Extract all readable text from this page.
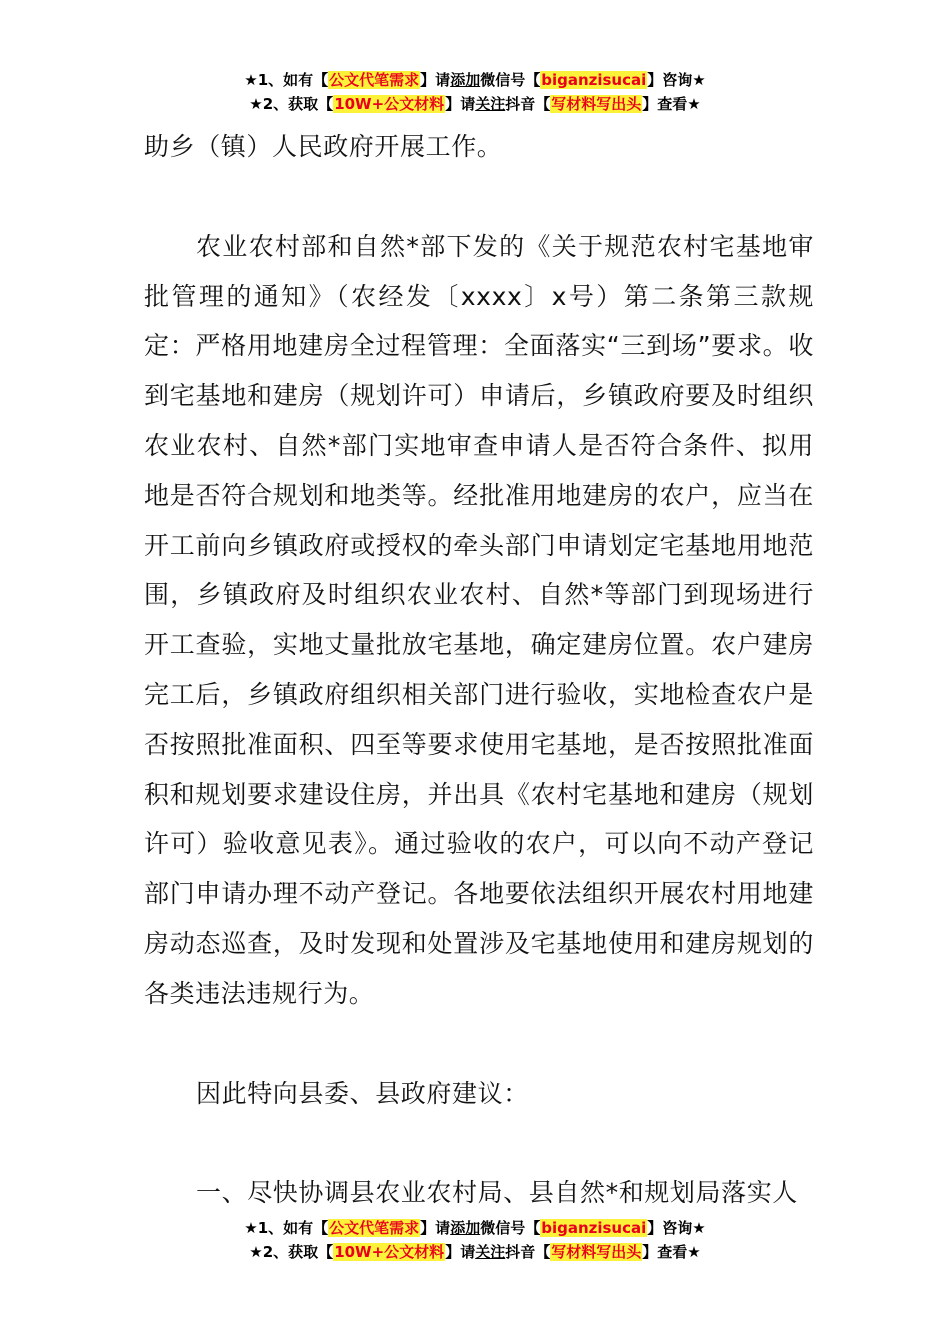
★1、如有【公文代笔需求】请添加微信号【biganzisucai】咨询★
★2、获取【10W+公文材料】请关注抖音【写材料写出头】查看★

助乡（镇）人民政府开展工作。

农业农村部和自然*部下发的《关于规范农村宅基地审批管理的通知》（农经发〔xxxx〕x号）第二条第三款规定：严格用地建房全过程管理：全面落实“三到场”要求。收到宅基地和建房（规划许可）申请后，乡镇政府要及时组织农业农村、自然*部门实地审查申请人是否符合条件、拟用地是否符合规划和地类等。经批准用地建房的农户，应当在开工前向乡镇政府或授权的牵头部门申请划定宅基地用地范围，乡镇政府及时组织农业农村、自然*等部门到现场进行开工查验，实地丈量批放宅基地，确定建房位置。农户建房完工后，乡镇政府组织相关部门进行验收，实地检查农户是否按照批准面积、四至等要求使用宅基地，是否按照批准面积和规划要求建设住房，并出具《农村宅基地和建房（规划许可）验收意见表》。通过验收的农户，可以向不动产登记部门申请办理不动产登记。各地要依法组织开展农村用地建房动态巡查，及时发现和处置涉及宅基地使用和建房规划的各类违法违规行为。

因此特向县委、县政府建议：

一、尽快协调县农业农村局、县自然*和规划局落实人

★1、如有【公文代笔需求】请添加微信号【biganzisucai】咨询★
★2、获取【10W+公文材料】请关注抖音【写材料写出头】查看★
